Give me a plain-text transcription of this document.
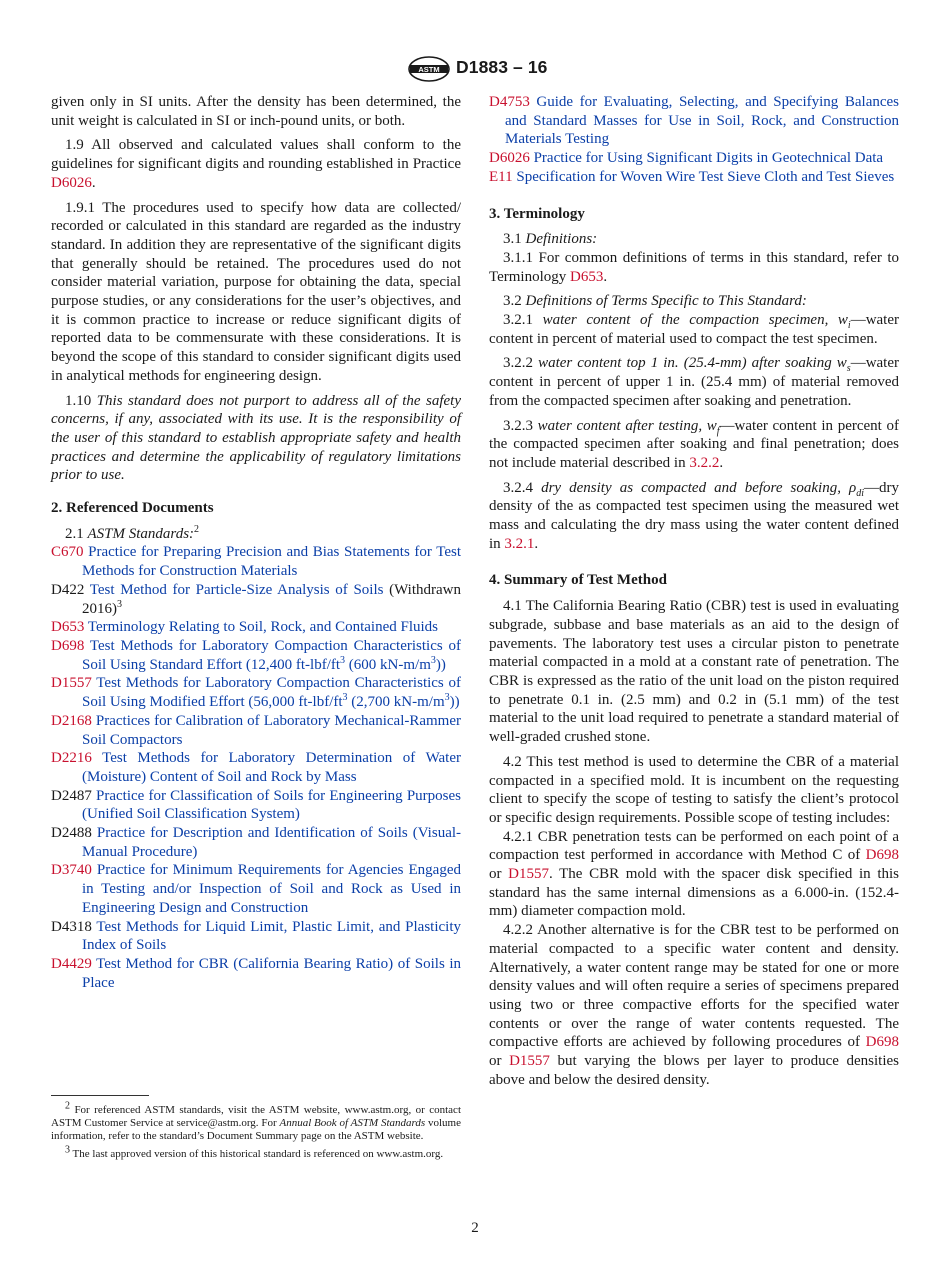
ASTM D1883 – 16

given only in SI units. After the density has been determined, the unit weight is calculated in SI or inch-pound units, or both.

1.9 All observed and calculated values shall conform to the guidelines for significant digits and rounding established in Practice D6026.

1.9.1 The procedures used to specify how data are collected/ recorded or calculated in this standard are regarded as the industry standard. In addition they are representative of the significant digits that generally should be retained. The procedures used do not consider material variation, purpose for obtaining the data, special purpose studies, or any considerations for the user’s objectives, and it is common practice to increase or reduce significant digits of reported data to be commensurate with these considerations. It is beyond the scope of this standard to consider significant digits used in analytical methods for engineering design.

1.10 This standard does not purport to address all of the safety concerns, if any, associated with its use. It is the responsibility of the user of this standard to establish appropriate safety and health practices and determine the applicability of regulatory limitations prior to use.

2. Referenced Documents

2.1 ASTM Standards:$^2$

C670 Practice for Preparing Precision and Bias Statements for Test Methods for Construction Materials

D422 Test Method for Particle-Size Analysis of Soils (Withdrawn 2016)$^3$

D653 Terminology Relating to Soil, Rock, and Contained Fluids

D698 Test Methods for Laboratory Compaction Characteristics of Soil Using Standard Effort (12,400 $ft-lbf/ft^3$ (600 $kN-m/m^3$))

D1557 Test Methods for Laboratory Compaction Characteristics of Soil Using Modified Effort (56,000 $ft-lbf/ft^3$ (2,700 $kN-m/m^3$))

D2168 Practices for Calibration of Laboratory Mechanical-Rammer Soil Compactors

D2216 Test Methods for Laboratory Determination of Water (Moisture) Content of Soil and Rock by Mass

D2487 Practice for Classification of Soils for Engineering Purposes (Unified Soil Classification System)

D2488 Practice for Description and Identification of Soils (Visual-Manual Procedure)

D3740 Practice for Minimum Requirements for Agencies Engaged in Testing and/or Inspection of Soil and Rock as Used in Engineering Design and Construction

D4318 Test Methods for Liquid Limit, Plastic Limit, and Plasticity Index of Soils

D4429 Test Method for CBR (California Bearing Ratio) of Soils in Place

$^2$ For referenced ASTM standards, visit the ASTM website, www.astm.org, or contact ASTM Customer Service at service@astm.org. For Annual Book of ASTM Standards volume information, refer to the standard’s Document Summary page on the ASTM website.

$^3$ The last approved version of this historical standard is referenced on www.astm.org.

D4753 Guide for Evaluating, Selecting, and Specifying Balances and Standard Masses for Use in Soil, Rock, and Construction Materials Testing

D6026 Practice for Using Significant Digits in Geotechnical Data

E11 Specification for Woven Wire Test Sieve Cloth and Test Sieves

3. Terminology

3.1 Definitions:

3.1.1 For common definitions of terms in this standard, refer to Terminology D653.

3.2 Definitions of Terms Specific to This Standard:

3.2.1 water content of the compaction specimen, $w_i—water$ content in percent of material used to compact the test specimen.

3.2.2 water content top 1 in. (25.4-mm) after soaking $w_s—water$ content in percent of upper 1 in. (25.4 mm) of material removed from the compacted specimen after soaking and penetration.

3.2.3 water content after testing, $w_f—water$ content in percent of the compacted specimen after soaking and final penetration; does not include material described in 3.2.2.

3.2.4 dry density as compacted and before soaking, $\rho_{di}—dry$ density of the as compacted test specimen using the measured wet mass and calculating the dry mass using the water content defined in 3.2.1.

4. Summary of Test Method

4.1 The California Bearing Ratio (CBR) test is used in evaluating subgrade, subbase and base materials as an aid to the design of pavements. The laboratory test uses a circular piston to penetrate material compacted in a mold at a constant rate of penetration. The CBR is expressed as the ratio of the unit load on the piston required to penetrate 0.1 in. (2.5 mm) and 0.2 in (5.1 mm) of the test material to the unit load required to penetrate a standard material of well-graded crushed stone.

4.2 This test method is used to determine the CBR of a material compacted in a specified mold. It is incumbent on the requesting client to specify the scope of testing to satisfy the client’s protocol or specific design requirements. Possible scope of testing includes:

4.2.1 CBR penetration tests can be performed on each point of a compaction test performed in accordance with Method C of D698 or D1557. The CBR mold with the spacer disk specified in this standard has the same internal dimensions as a 6.000-in. (152.4-mm) diameter compaction mold.

4.2.2 Another alternative is for the CBR test to be performed on material compacted to a specific water content and density. Alternatively, a water content range may be stated for one or more density values and will often require a series of specimens prepared using two or three compactive efforts for the specified water contents or over the range of water contents requested. The compactive efforts are achieved by following procedures of D698 or D1557 but varying the blows per layer to produce densities above and below the desired density.

2
